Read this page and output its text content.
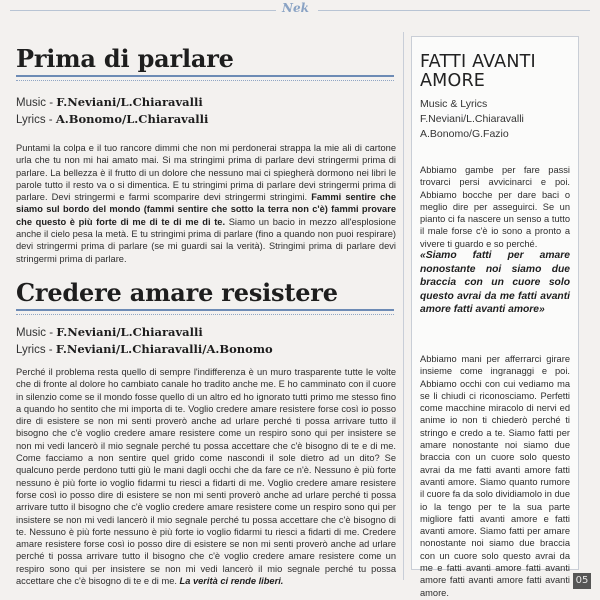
Nek
Prima di parlare

Music - F.Neviani/L.Chiaravalli
Lyrics - A.Bonomo/L.Chiaravalli

Puntami la colpa e il tuo rancore dimmi che non mi perdonerai strappa la mie ali di cartone urla che tu non mi hai amato mai. Si ma stringimi prima di parlare devi stringermi prima di parlare. La bellezza è il frutto di un dolore che nessuno mai ci spiegherà dormono nei libri le parole tutto il resto va o si dimentica. E tu stringimi prima di parlare devi stringermi prima di parlare. Devi stringermi e farmi scomparire devi stringermi stringimi. Fammi sentire che siamo sul bordo del mondo (fammi sentire che sotto la terra non c'è) fammi provare che questo è più forte di me di te di me di te. Siamo un bacio in mezzo all'esplosione anche il cielo pesa la metà. E tu stringimi prima di parlare (fino a quando non puoi respirare) devi stringermi prima di parlare (se mi guardi sai la verità). Stringimi prima di parlare devi stringermi prima di parlare.

Credere amare resistere

Music - F.Neviani/L.Chiaravalli
Lyrics - F.Neviani/L.Chiaravalli/A.Bonomo

Perché il problema resta quello di sempre l'indifferenza è un muro trasparente tutte le volte che di fronte al dolore ho cambiato canale ho tradito anche me. E ho camminato con il cuore in silenzio come se il mondo fosse quello di un altro ed ho ignorato tutti primo me stesso fino a quando ho sentito che mi importa di te. Voglio credere amare resistere forse così io posso dire di esistere se non mi senti proverò anche ad urlare perché ti possa arrivare tutto il bisogno che c'è voglio credere amare resistere come un respiro sono qui per insistere se non mi vedi lancerò il mio segnale perché tu possa accettare che c'è bisogno di te e di me. Come facciamo a non sentire quel grido come nascondi il sole dietro ad un dito? Se qualcuno perde perdono tutti giù le mani dagli occhi che da fare ce n'è. Nessuno è più forte nessuno è più forte io voglio fidarmi tu riesci a fidarti di me. Voglio credere amare resistere forse così io posso dire di esistere se non mi senti proverò anche ad urlare perché ti possa arrivare tutto il bisogno che c'è voglio credere amare resistere come un respiro sono qui per insistere se non mi vedi lancerò il mio segnale perché tu possa accettare che c'è bisogno di te. Nessuno è più forte nessuno è più forte io voglio fidarmi tu riesci a fidarti di me. Credere amare resistere forse così io posso dire di esistere se non mi senti proverò anche ad urlare perché ti possa arrivare tutto il bisogno che c'è voglio credere amare resistere come un respiro sono qui per insistere se non mi vedi lancerò il mio segnale perché tu possa accettare che c'è bisogno di te e di me. La verità ci rende liberi.

FATTI AVANTI
AMORE

Music & Lyrics
F.Neviani/L.Chiaravalli
A.Bonomo/G.Fazio

Abbiamo gambe per fare passi trovarci persi avvicinarci e poi. Abbiamo bocche per dare baci o meglio dire per asseguirci. Se un pianto ci fa nascere un senso a tutto il male forse c'è io sono a pronto a vivere ti guardo e so perché.

«Siamo fatti per amare nonostante noi siamo due braccia con un cuore solo questo avrai da me fatti avanti amore fatti avanti amore»

Abbiamo mani per afferrarci girare insieme come ingranaggi e poi. Abbiamo occhi con cui vediamo ma se li chiudi ci riconosciamo. Perfetti come macchine miracolo di nervi ed anime io non ti chiederò perché ti stringo e credo a te. Siamo fatti per amare nonostante noi siamo due braccia con un cuore solo questo avrai da me fatti avanti amore fatti avanti amore. Siamo quanto rumore il cuore fa da solo dividiamolo in due io la tengo per te la sua parte migliore fatti avanti amore e fatti avanti amore. Siamo fatti per amare nonostante noi siamo due braccia con un cuore solo questo avrai da me e fatti avanti amore fatti avanti amore fatti avanti amore fatti avanti amore.

05
